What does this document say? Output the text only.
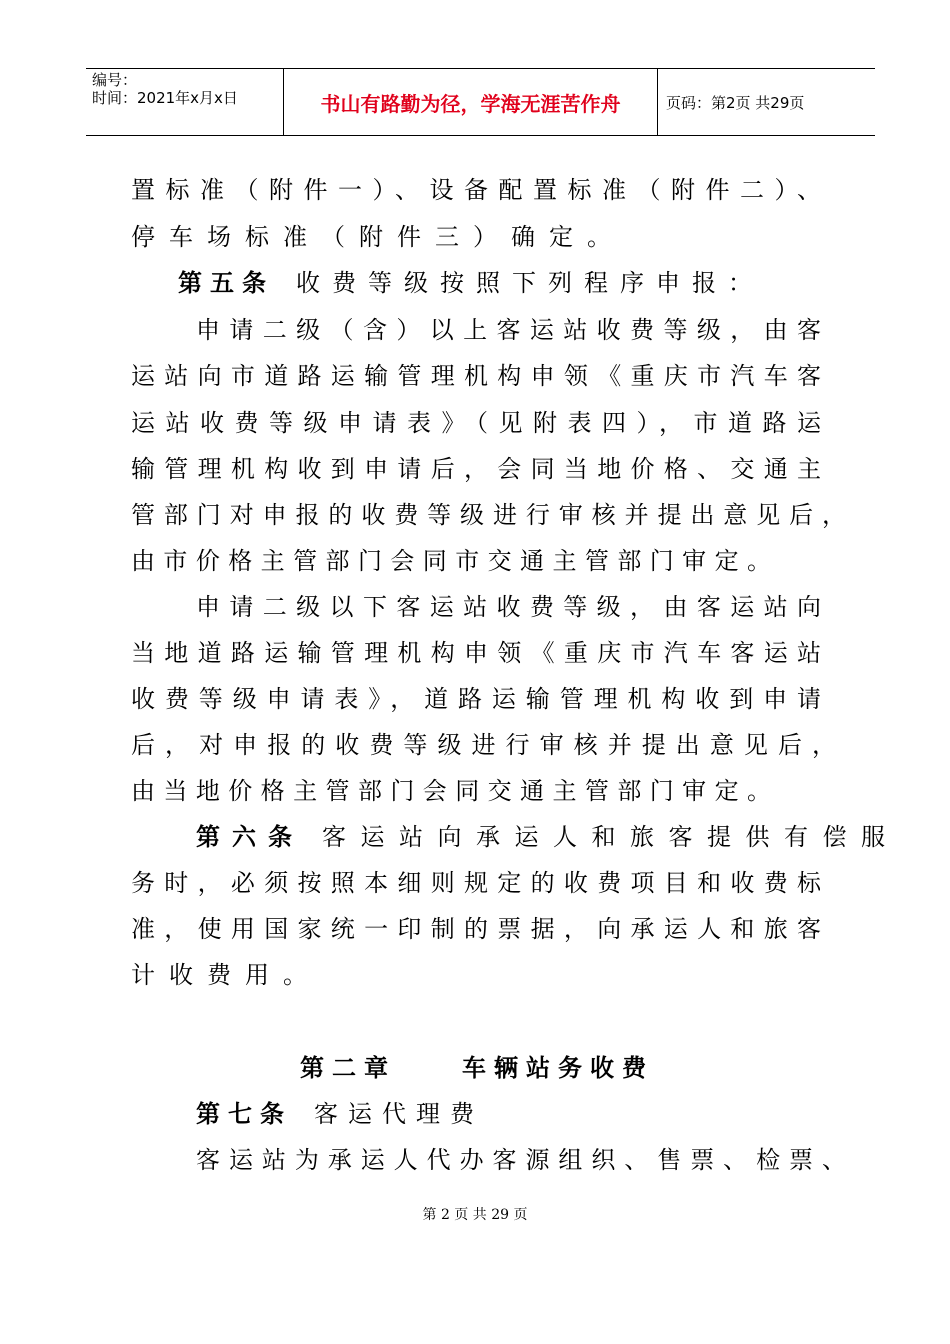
编号：
时间：2021年x月x日	书山有路勤为径，学海无涯苦作舟	页码：第2页 共29页
置标准（附件一）、设备配置标准（附件二）、
停车场标准（附件三）确定。
第五条 收费等级按照下列程序申报：
申请二级（含）以上客运站收费等级，由客
运站向市道路运输管理机构申领《重庆市汽车客
运站收费等级申请表》（见附表四），市道路运
输管理机构收到申请后，会同当地价格、交通主
管部门对申报的收费等级进行审核并提出意见后，
由市价格主管部门会同市交通主管部门审定。
申请二级以下客运站收费等级，由客运站向
当地道路运输管理机构申领《重庆市汽车客运站
收费等级申请表》，道路运输管理机构收到申请
后，对申报的收费等级进行审核并提出意见后，
由当地价格主管部门会同交通主管部门审定。
第六条 客运站向承运人和旅客提供有偿服
务时，必须按照本细则规定的收费项目和收费标
准，使用国家统一印制的票据，向承运人和旅客
计收费用。
第二章	车辆站务收费
第七条 客运代理费
客运站为承运人代办客源组织、售票、检票、
第 2 页 共 29 页
